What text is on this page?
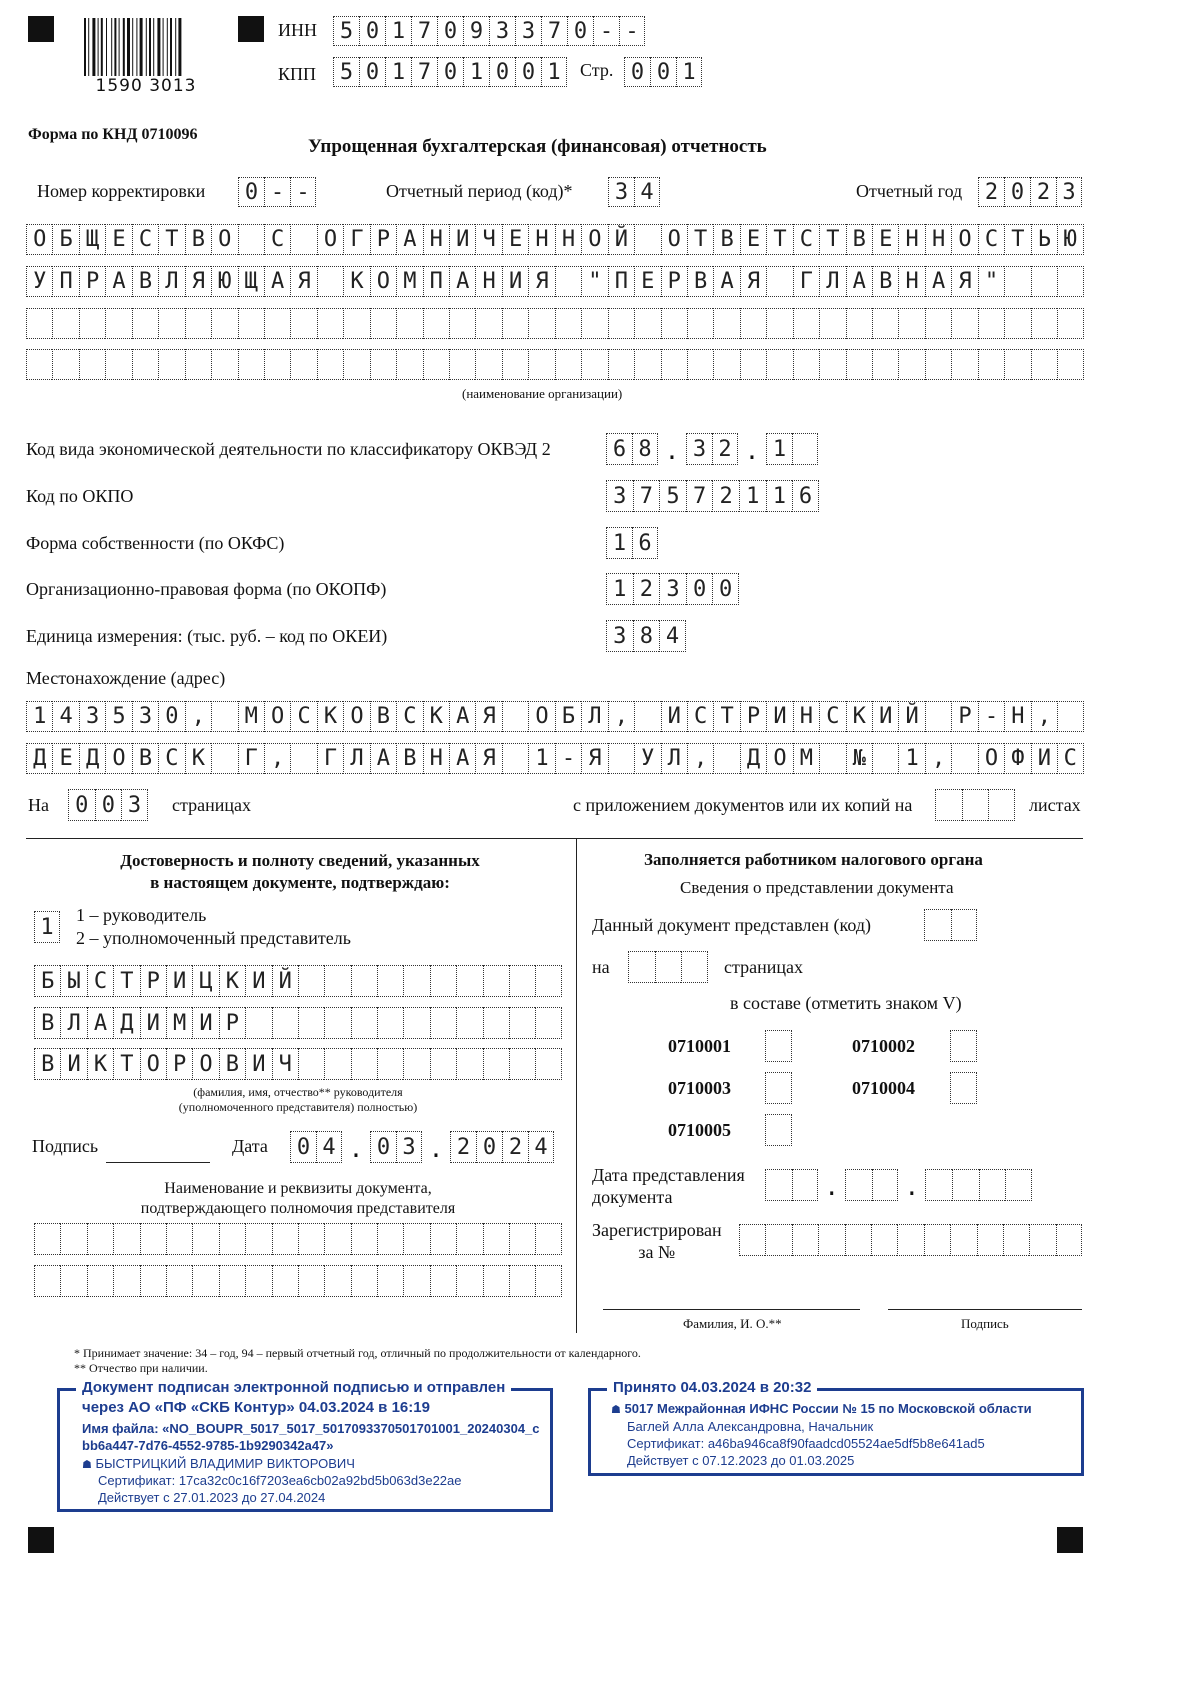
1590 3013
ИНН	5 0 1 7 0 9 3 3 7 0 - -
КПП	5 0 1 7 0 1 0 0 1	Стр. 0 0 1
Форма по КНД 0710096
Упрощенная бухгалтерская (финансовая) отчетность
Номер корректировки	0 - -	Отчетный период (код)*	3 4	Отчетный год	2 0 2 3
О Б Щ Е С Т В О	С	О Г Р А Н И Ч Е Н Н О Й	О Т В Е Т С Т В Е Н Н О С Т Ь Ю
У П Р А В Л Я Ю Щ А Я	К О М П А Н И Я	" П Е Р В А Я	Г Л А В Н А Я "
(наименование организации)
Код вида экономической деятельности по классификатору ОКВЭД 2	6 8 . 3 2 . 1
Код по ОКПО	3 7 5 7 2 1 1 6
Форма собственности (по ОКФС)	1 6
Организационно-правовая форма (по ОКОПФ)	1 2 3 0 0
Единица измерения: (тыс. руб. – код по ОКЕИ)	3 8 4
Местонахождение (адрес)
1 4 3 5 3 0 ,	М О С К О В С К А Я	О Б Л ,	И С Т Р И Н С К И Й	Р - Н ,
Д Е Д О В С К	Г ,	Г Л А В Н А Я	1 - Я	У Л ,	Д О М	№	1 ,	О Ф И С
На	0 0 3	страницах	с приложением документов или их копий на	листах
Достоверность и полноту сведений, указанных
в настоящем документе, подтверждаю:
1	1 – руководитель
2 – уполномоченный представитель
Б Ы С Т Р И Ц К И Й
В Л А Д И М И Р
В И К Т О Р О В И Ч
(фамилия, имя, отчество** руководителя
(уполномоченного представителя) полностью)
Подпись	Дата	0 4 . 0 3 . 2 0 2 4
Наименование и реквизиты документа,
подтверждающего полномочия представителя
Заполняется работником налогового органа
Сведения о представлении документа
Данный документ представлен (код)
на	страницах
в составе (отметить знаком V)
0710001	0710002
0710003	0710004
0710005
Дата представления
документа	.	.
Зарегистрирован
за №
Фамилия, И. О.**	Подпись
* Принимает значение: 34 – год, 94 – первый отчетный год, отличный по продолжительности от календарного.
** Отчество при наличии.
Документ подписан электронной подписью и отправлен
через АО «ПФ «СКБ Контур» 04.03.2024 в 16:19
Имя файла: «NO_BOUPR_5017_5017_5017093370501701001_20240304_c
bb6a447-7d76-4552-9785-1b9290342a47»
☗ БЫСТРИЦКИЙ ВЛАДИМИР ВИКТОРОВИЧ
Сертификат: 17ca32c0c16f7203ea6cb02a92bd5b063d3e22ae
Действует с 27.01.2023 до 27.04.2024
Принято 04.03.2024 в 20:32
☗ 5017 Межрайонная ИФНС России № 15 по Московской области
Баглей Алла Александровна, Начальник
Сертификат: a46ba946ca8f90faadcd05524ae5df5b8e641ad5
Действует с 07.12.2023 до 01.03.2025
